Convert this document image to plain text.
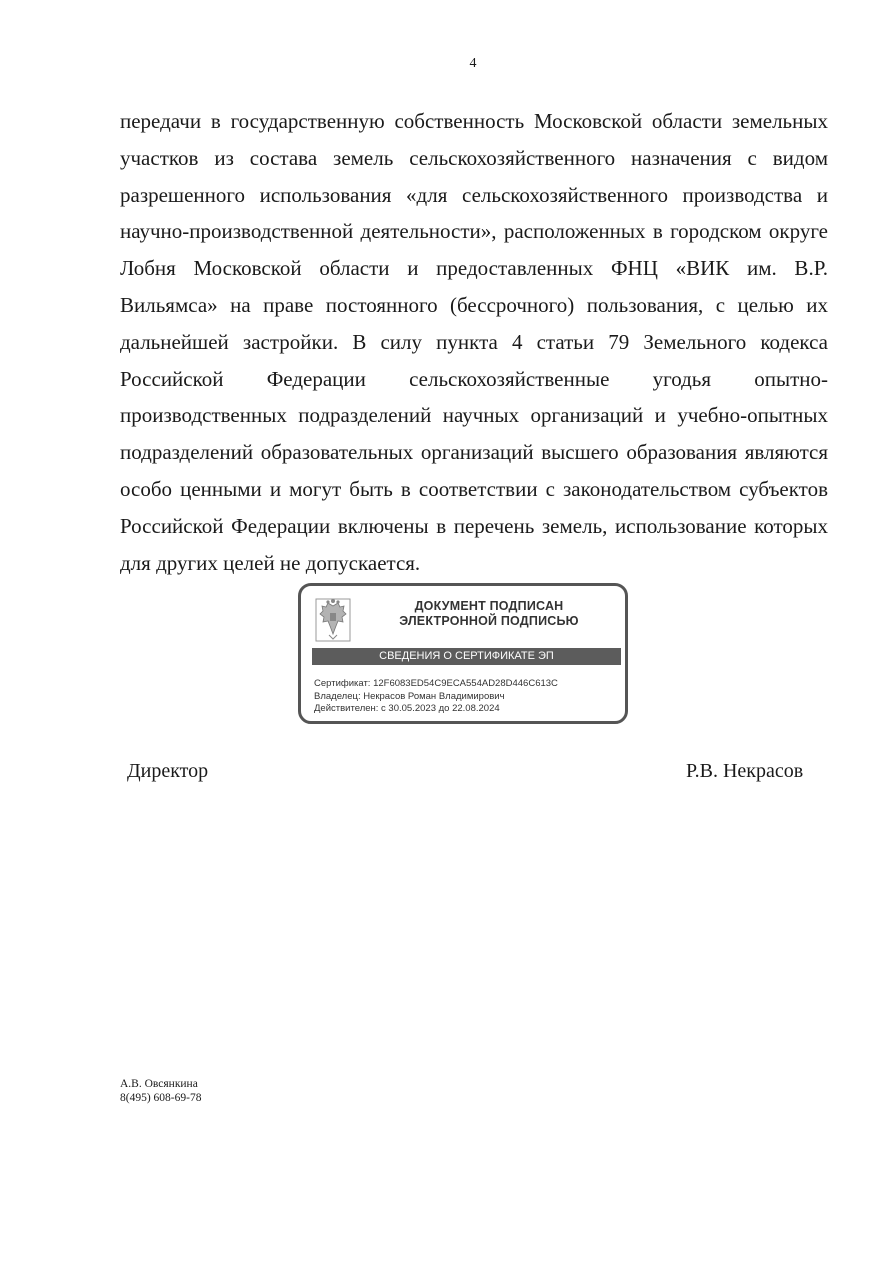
4

передачи в государственную собственность Московской области земельных участков из состава земель сельскохозяйственного назначения с видом разрешенного использования «для сельскохозяйственного производства и научно-производственной деятельности», расположенных в городском округе Лобня Московской области и предоставленных ФНЦ «ВИК им. В.Р. Вильямса» на праве постоянного (бессрочного) пользования, с целью их дальнейшей застройки. В силу пункта 4 статьи 79 Земельного кодекса Российской Федерации сельскохозяйственные угодья опытно-производственных подразделений научных организаций и учебно-опытных подразделений образовательных организаций высшего образования являются особо ценными и могут быть в соответствии с законодательством субъектов Российской Федерации включены в перечень земель, использование которых для других целей не допускается.

ДОКУМЕНТ ПОДПИСАН
ЭЛЕКТРОННОЙ ПОДПИСЬЮ
СВЕДЕНИЯ О СЕРТИФИКАТЕ ЭП
Сертификат: 12F6083ED54C9ECA554AD28D446C613C
Владелец: Некрасов Роман Владимирович
Действителен: с 30.05.2023 до 22.08.2024
Директор	Р.В. Некрасов
А.В. Овсянкина
8(495) 608-69-78
